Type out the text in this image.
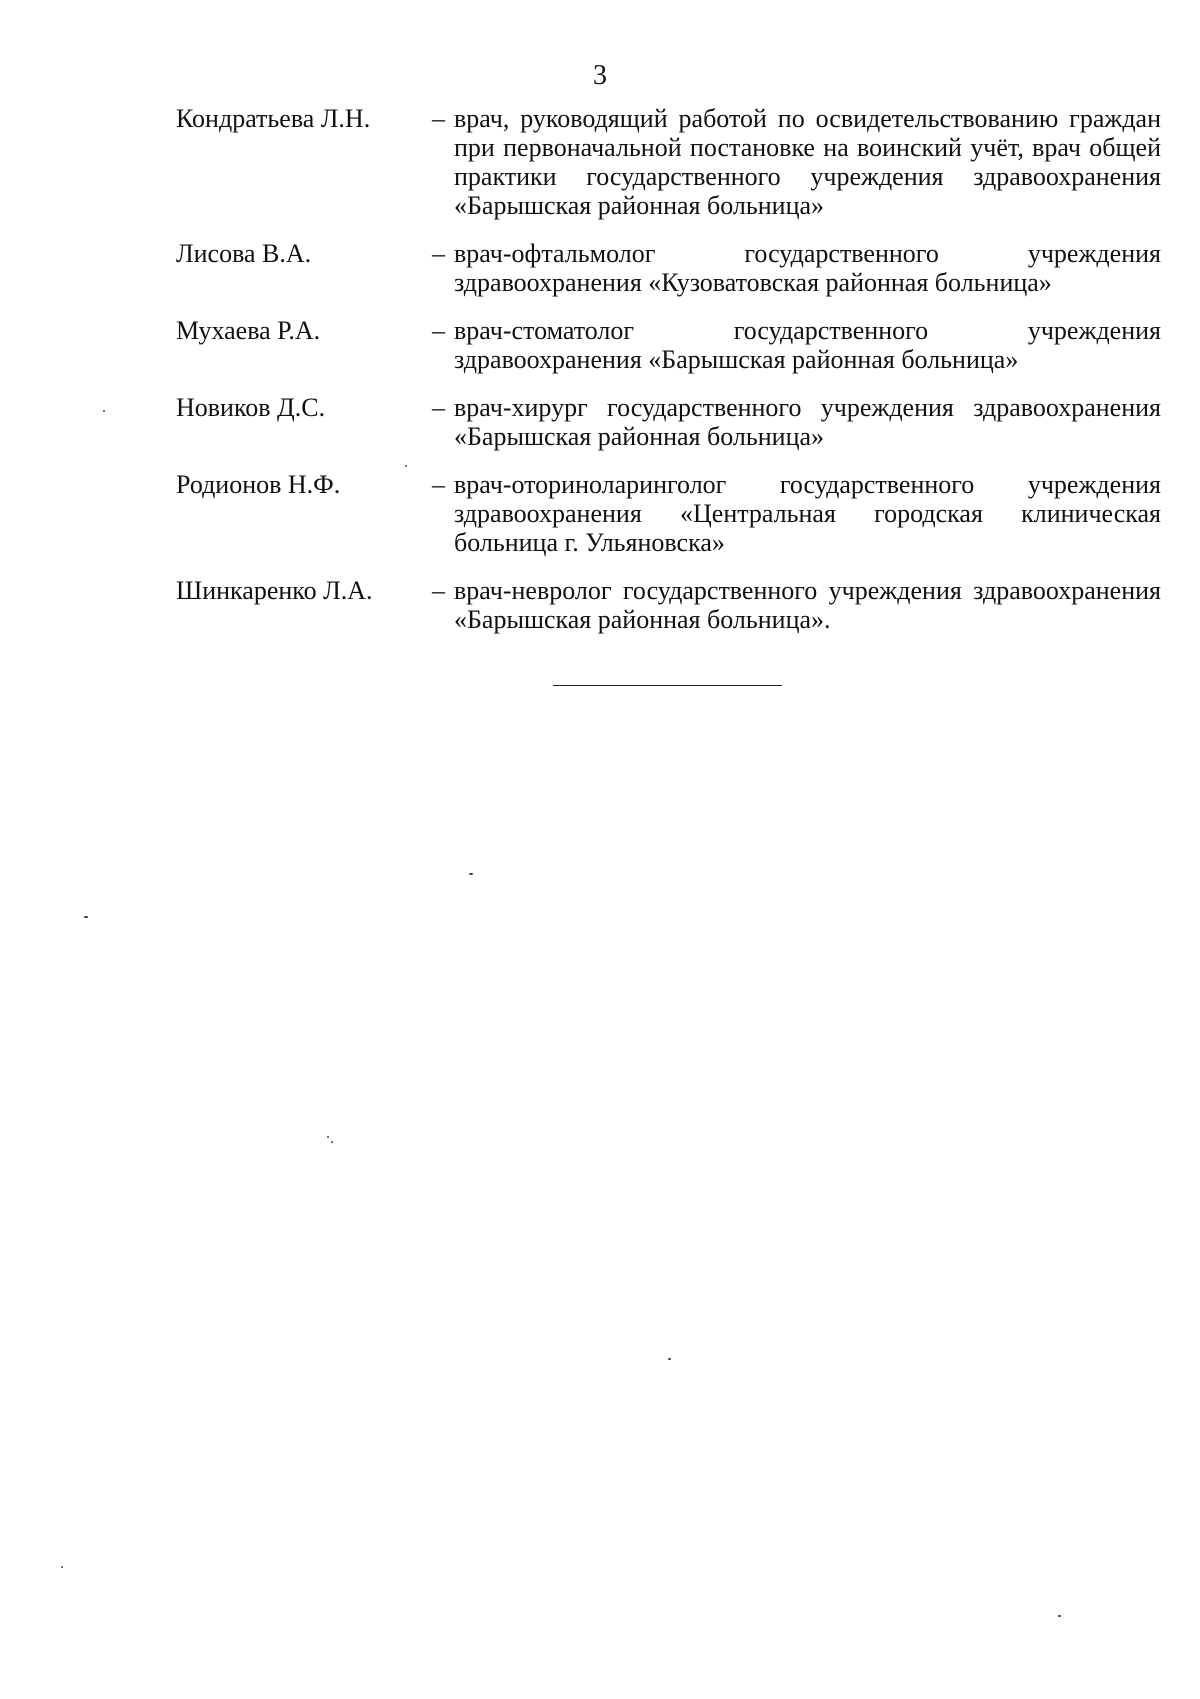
3
Кондратьева Л.Н.	– врач, руководящий работой по освидетельствованию граждан при первоначальной постановке на воинский учёт, врач общей практики государственного учреждения здравоохранения «Барышская районная больница»
Лисова В.А.	– врач-офтальмолог государственного учреждения здравоохранения «Кузоватовская районная больница»
Мухаева Р.А.	– врач-стоматолог государственного учреждения здравоохранения «Барышская районная больница»
Новиков Д.С.	– врач-хирург государственного учреждения здравоохранения «Барышская районная больница»
Родионов Н.Ф.	– врач-оториноларинголог государственного учреждения здравоохранения «Центральная городская клиническая больница г. Ульяновска»
Шинкаренко Л.А.	– врач-невролог государственного учреждения здравоохранения «Барышская районная больница».
